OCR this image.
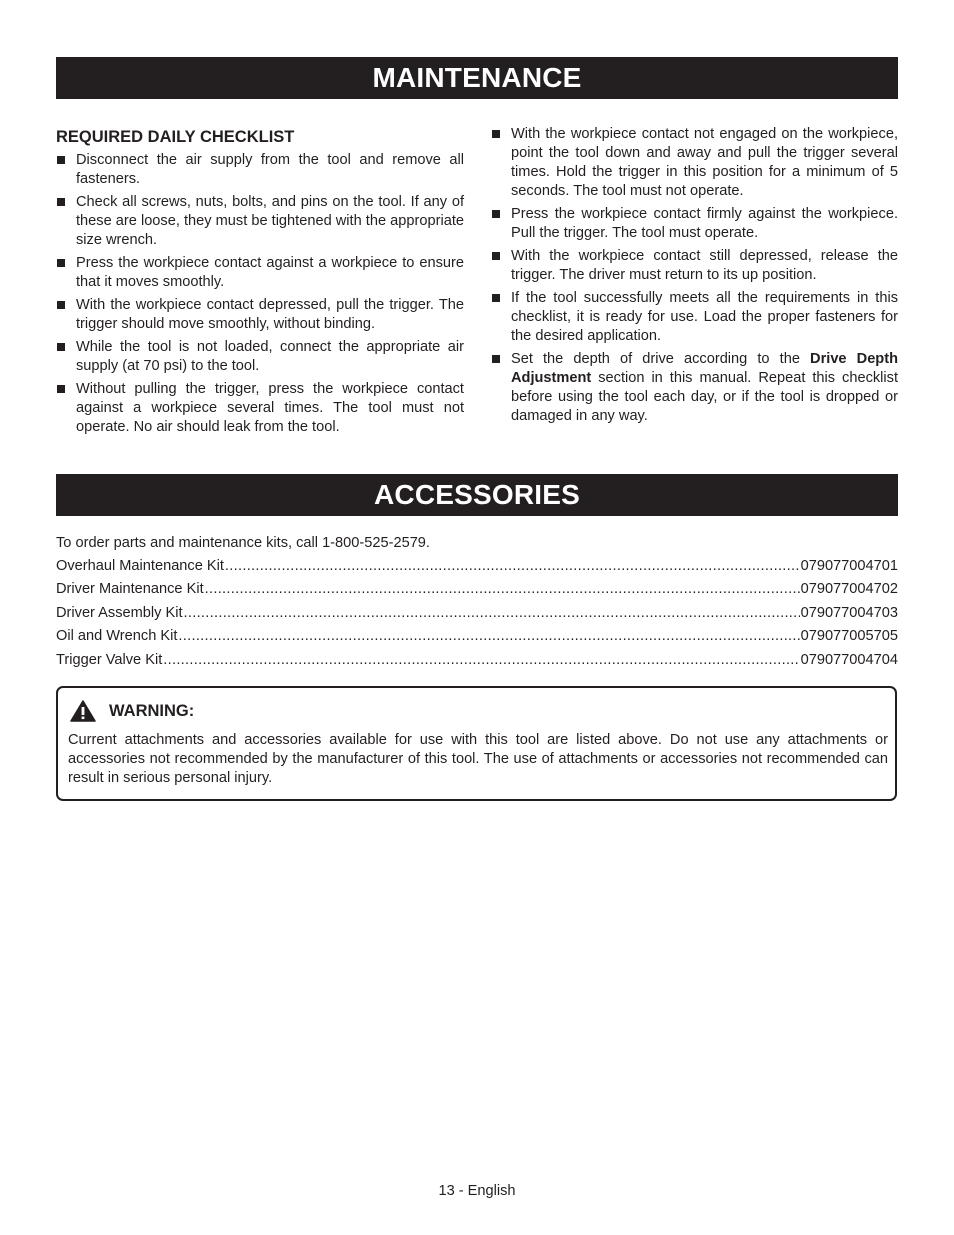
MAINTENANCE
REQUIRED DAILY CHECKLIST
Disconnect the air supply from the tool and remove all fasteners.
Check all screws, nuts, bolts, and pins on the tool. If any of these are loose, they must be tightened with the appropriate size wrench.
Press the workpiece contact against a workpiece to ensure that it moves smoothly.
With the workpiece contact depressed, pull the trigger. The trigger should move smoothly, without binding.
While the tool is not loaded, connect the appropriate air supply (at 70 psi) to the tool.
Without pulling the trigger, press the workpiece contact against a workpiece several times. The tool must not operate. No air should leak from the tool.
With the workpiece contact not engaged on the workpiece, point the tool down and away and pull the trigger several times. Hold the trigger in this position for a minimum of 5 seconds. The tool must not operate.
Press the workpiece contact firmly against the workpiece. Pull the trigger. The tool must operate.
With the workpiece contact still depressed, release the trigger. The driver must return to its up position.
If the tool successfully meets all the requirements in this checklist, it is ready for use. Load the proper fasteners for the desired application.
Set the depth of drive according to the Drive Depth Adjustment section in this manual. Repeat this checklist before using the tool each day, or if the tool is dropped or damaged in any way.
ACCESSORIES
To order parts and maintenance kits, call 1-800-525-2579.
Overhaul Maintenance Kit .....	079077004701
Driver Maintenance Kit .....	079077004702
Driver Assembly Kit .....	079077004703
Oil and Wrench Kit .....	079077005705
Trigger Valve Kit .....	079077004704
WARNING:
Current attachments and accessories available for use with this tool are listed above. Do not use any attachments or accessories not recommended by the manufacturer of this tool. The use of attachments or accessories not recommended can result in serious personal injury.
13 - English
